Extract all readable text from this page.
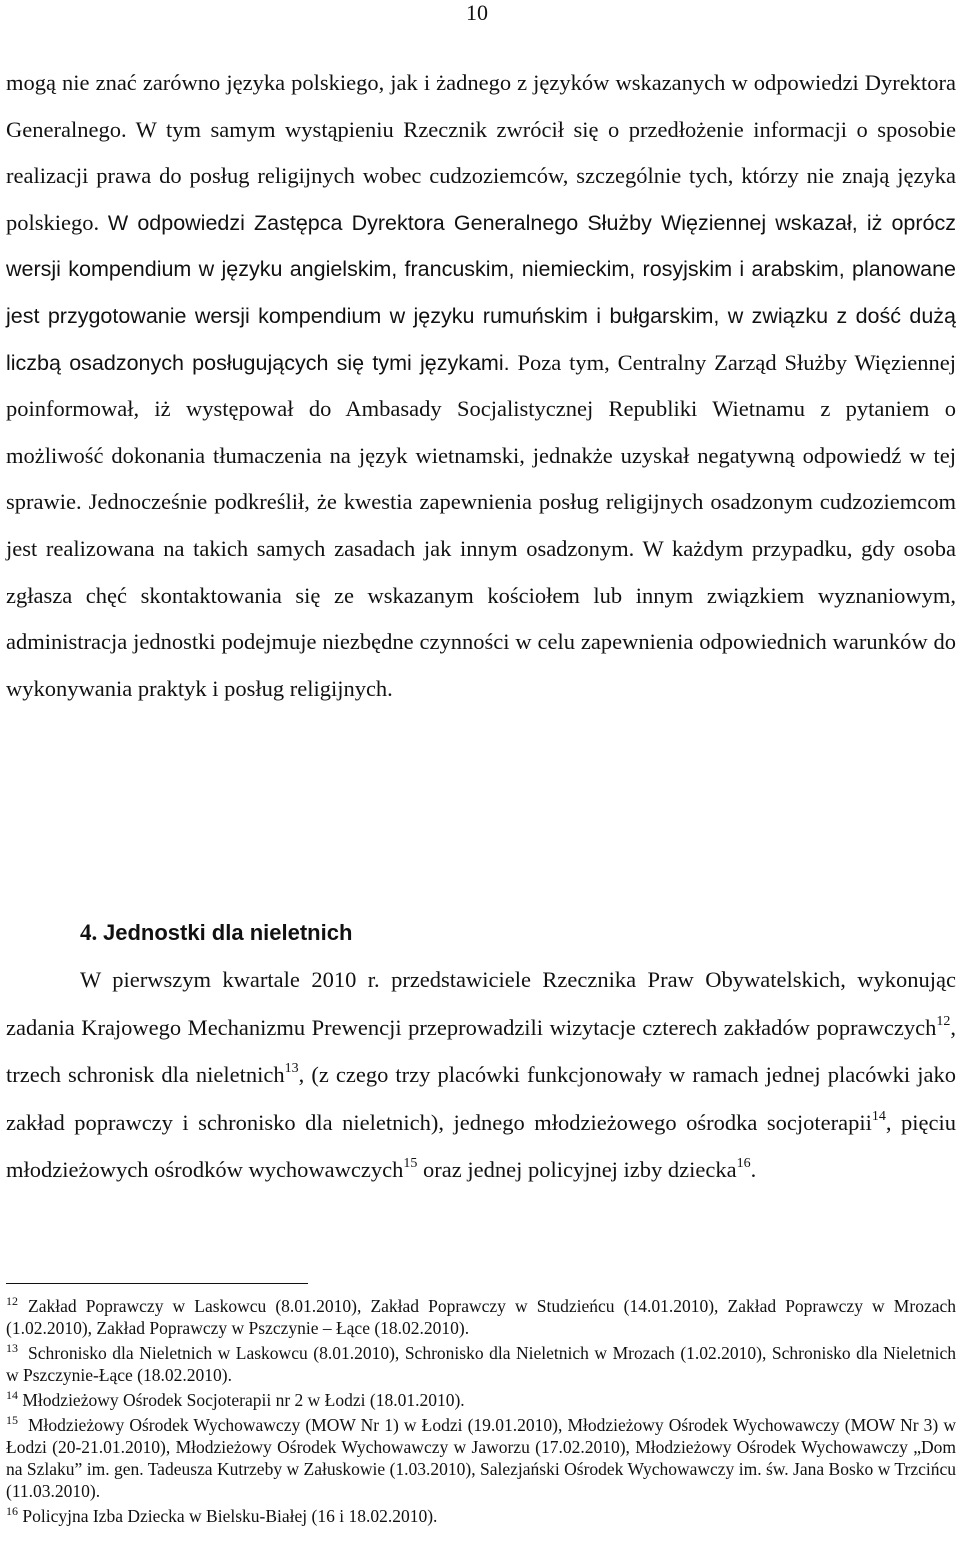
10

mogą nie znać zarówno języka polskiego, jak i żadnego z języków wskazanych w odpowiedzi Dyrektora Generalnego. W tym samym wystąpieniu Rzecznik zwrócił się o przedłożenie informacji o sposobie realizacji prawa do posług religijnych wobec cudzoziemców, szczególnie tych, którzy nie znają języka polskiego. W odpowiedzi Zastępca Dyrektora Generalnego Służby Więziennej wskazał, iż oprócz wersji kompendium w języku angielskim, francuskim, niemieckim, rosyjskim i arabskim, planowane jest przygotowanie wersji kompendium w języku rumuńskim i bułgarskim, w związku z dość dużą liczbą osadzonych posługujących się tymi językami. Poza tym, Centralny Zarząd Służby Więziennej poinformował, iż występował do Ambasady Socjalistycznej Republiki Wietnamu z pytaniem o możliwość dokonania tłumaczenia na język wietnamski, jednakże uzyskał negatywną odpowiedź w tej sprawie. Jednocześnie podkreślił, że kwestia zapewnienia posług religijnych osadzonym cudzoziemcom jest realizowana na takich samych zasadach jak innym osadzonym. W każdym przypadku, gdy osoba zgłasza chęć skontaktowania się ze wskazanym kościołem lub innym związkiem wyznaniowym, administracja jednostki podejmuje niezbędne czynności w celu zapewnienia odpowiednich warunków do wykonywania praktyk i posług religijnych.

4. Jednostki dla nieletnich

W pierwszym kwartale 2010 r. przedstawiciele Rzecznika Praw Obywatelskich, wykonując zadania Krajowego Mechanizmu Prewencji przeprowadzili wizytacje czterech zakładów poprawczych$^{12}$, trzech schronisk dla nieletnich$^{13}$, (z czego trzy placówki funkcjonowały w ramach jednej placówki jako zakład poprawczy i schronisko dla nieletnich), jednego młodzieżowego ośrodka socjoterapii$^{14}$, pięciu młodzieżowych ośrodków wychowawczych$^{15}$ oraz jednej policyjnej izby dziecka$^{16}$.

$^{12}$ Zakład Poprawczy w Laskowcu (8.01.2010), Zakład Poprawczy w Studzieńcu (14.01.2010), Zakład Poprawczy w Mrozach (1.02.2010), Zakład Poprawczy w Pszczynie – Łące (18.02.2010).

$^{13}$ Schronisko dla Nieletnich w Laskowcu (8.01.2010), Schronisko dla Nieletnich w Mrozach (1.02.2010), Schronisko dla Nieletnich w Pszczynie-Łące (18.02.2010).

$^{14}$ Młodzieżowy Ośrodek Socjoterapii nr 2 w Łodzi (18.01.2010).

$^{15}$ Młodzieżowy Ośrodek Wychowawczy (MOW Nr 1) w Łodzi (19.01.2010), Młodzieżowy Ośrodek Wychowawczy (MOW Nr 3) w Łodzi (20-21.01.2010), Młodzieżowy Ośrodek Wychowawczy w Jaworzu (17.02.2010), Młodzieżowy Ośrodek Wychowawczy „Dom na Szlaku” im. gen. Tadeusza Kutrzeby w Załuskowie (1.03.2010), Salezjański Ośrodek Wychowawczy im. św. Jana Bosko w Trzcińcu (11.03.2010).

$^{16}$ Policyjna Izba Dziecka w Bielsku-Białej (16 i 18.02.2010).
